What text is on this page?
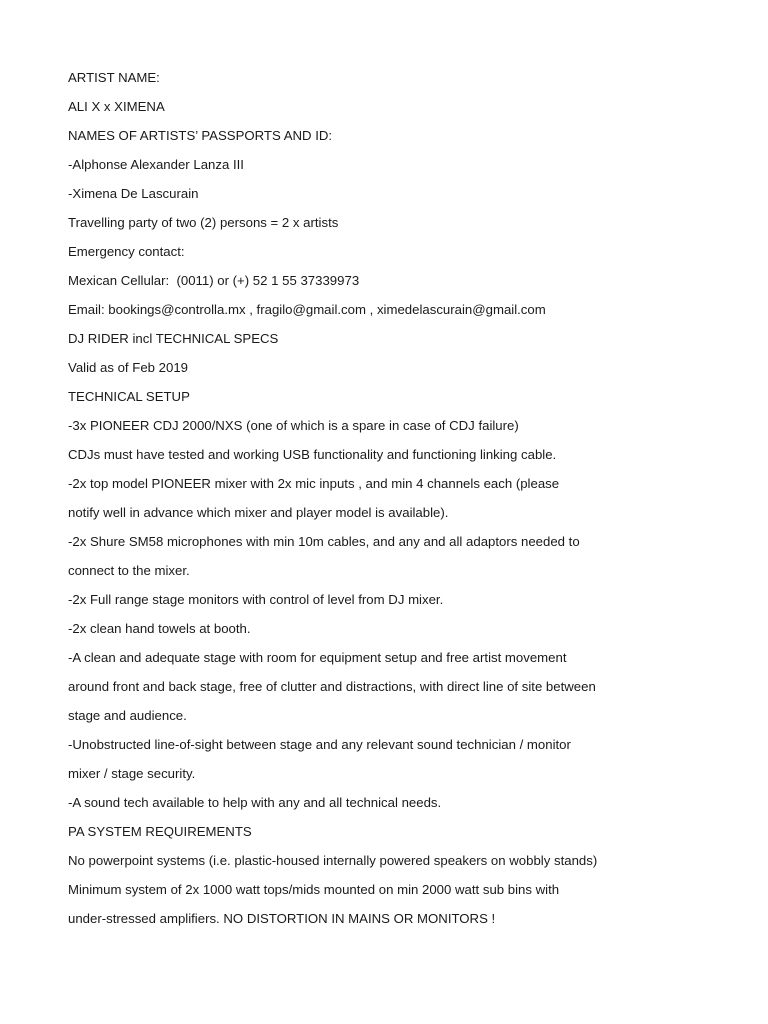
ARTIST NAME:
ALI X x XIMENA
NAMES OF ARTISTS’ PASSPORTS AND ID:
-Alphonse Alexander Lanza III
-Ximena De Lascurain
Travelling party of two (2) persons = 2 x artists
Emergency contact:
Mexican Cellular:  (0011) or (+) 52 1 55 37339973
Email: bookings@controlla.mx , fragilo@gmail.com , ximedelascurain@gmail.com
DJ RIDER incl TECHNICAL SPECS
Valid as of Feb 2019
TECHNICAL SETUP
-3x PIONEER CDJ 2000/NXS (one of which is a spare in case of CDJ failure)
CDJs must have tested and working USB functionality and functioning linking cable.
-2x top model PIONEER mixer with 2x mic inputs , and min 4 channels each (please
notify well in advance which mixer and player model is available).
-2x Shure SM58 microphones with min 10m cables, and any and all adaptors needed to
connect to the mixer.
-2x Full range stage monitors with control of level from DJ mixer.
-2x clean hand towels at booth.
-A clean and adequate stage with room for equipment setup and free artist movement
around front and back stage, free of clutter and distractions, with direct line of site between
stage and audience.
-Unobstructed line-of-sight between stage and any relevant sound technician / monitor
mixer / stage security.
-A sound tech available to help with any and all technical needs.
PA SYSTEM REQUIREMENTS
No powerpoint systems (i.e. plastic-housed internally powered speakers on wobbly stands)
Minimum system of 2x 1000 watt tops/mids mounted on min 2000 watt sub bins with
under-stressed amplifiers. NO DISTORTION IN MAINS OR MONITORS !
